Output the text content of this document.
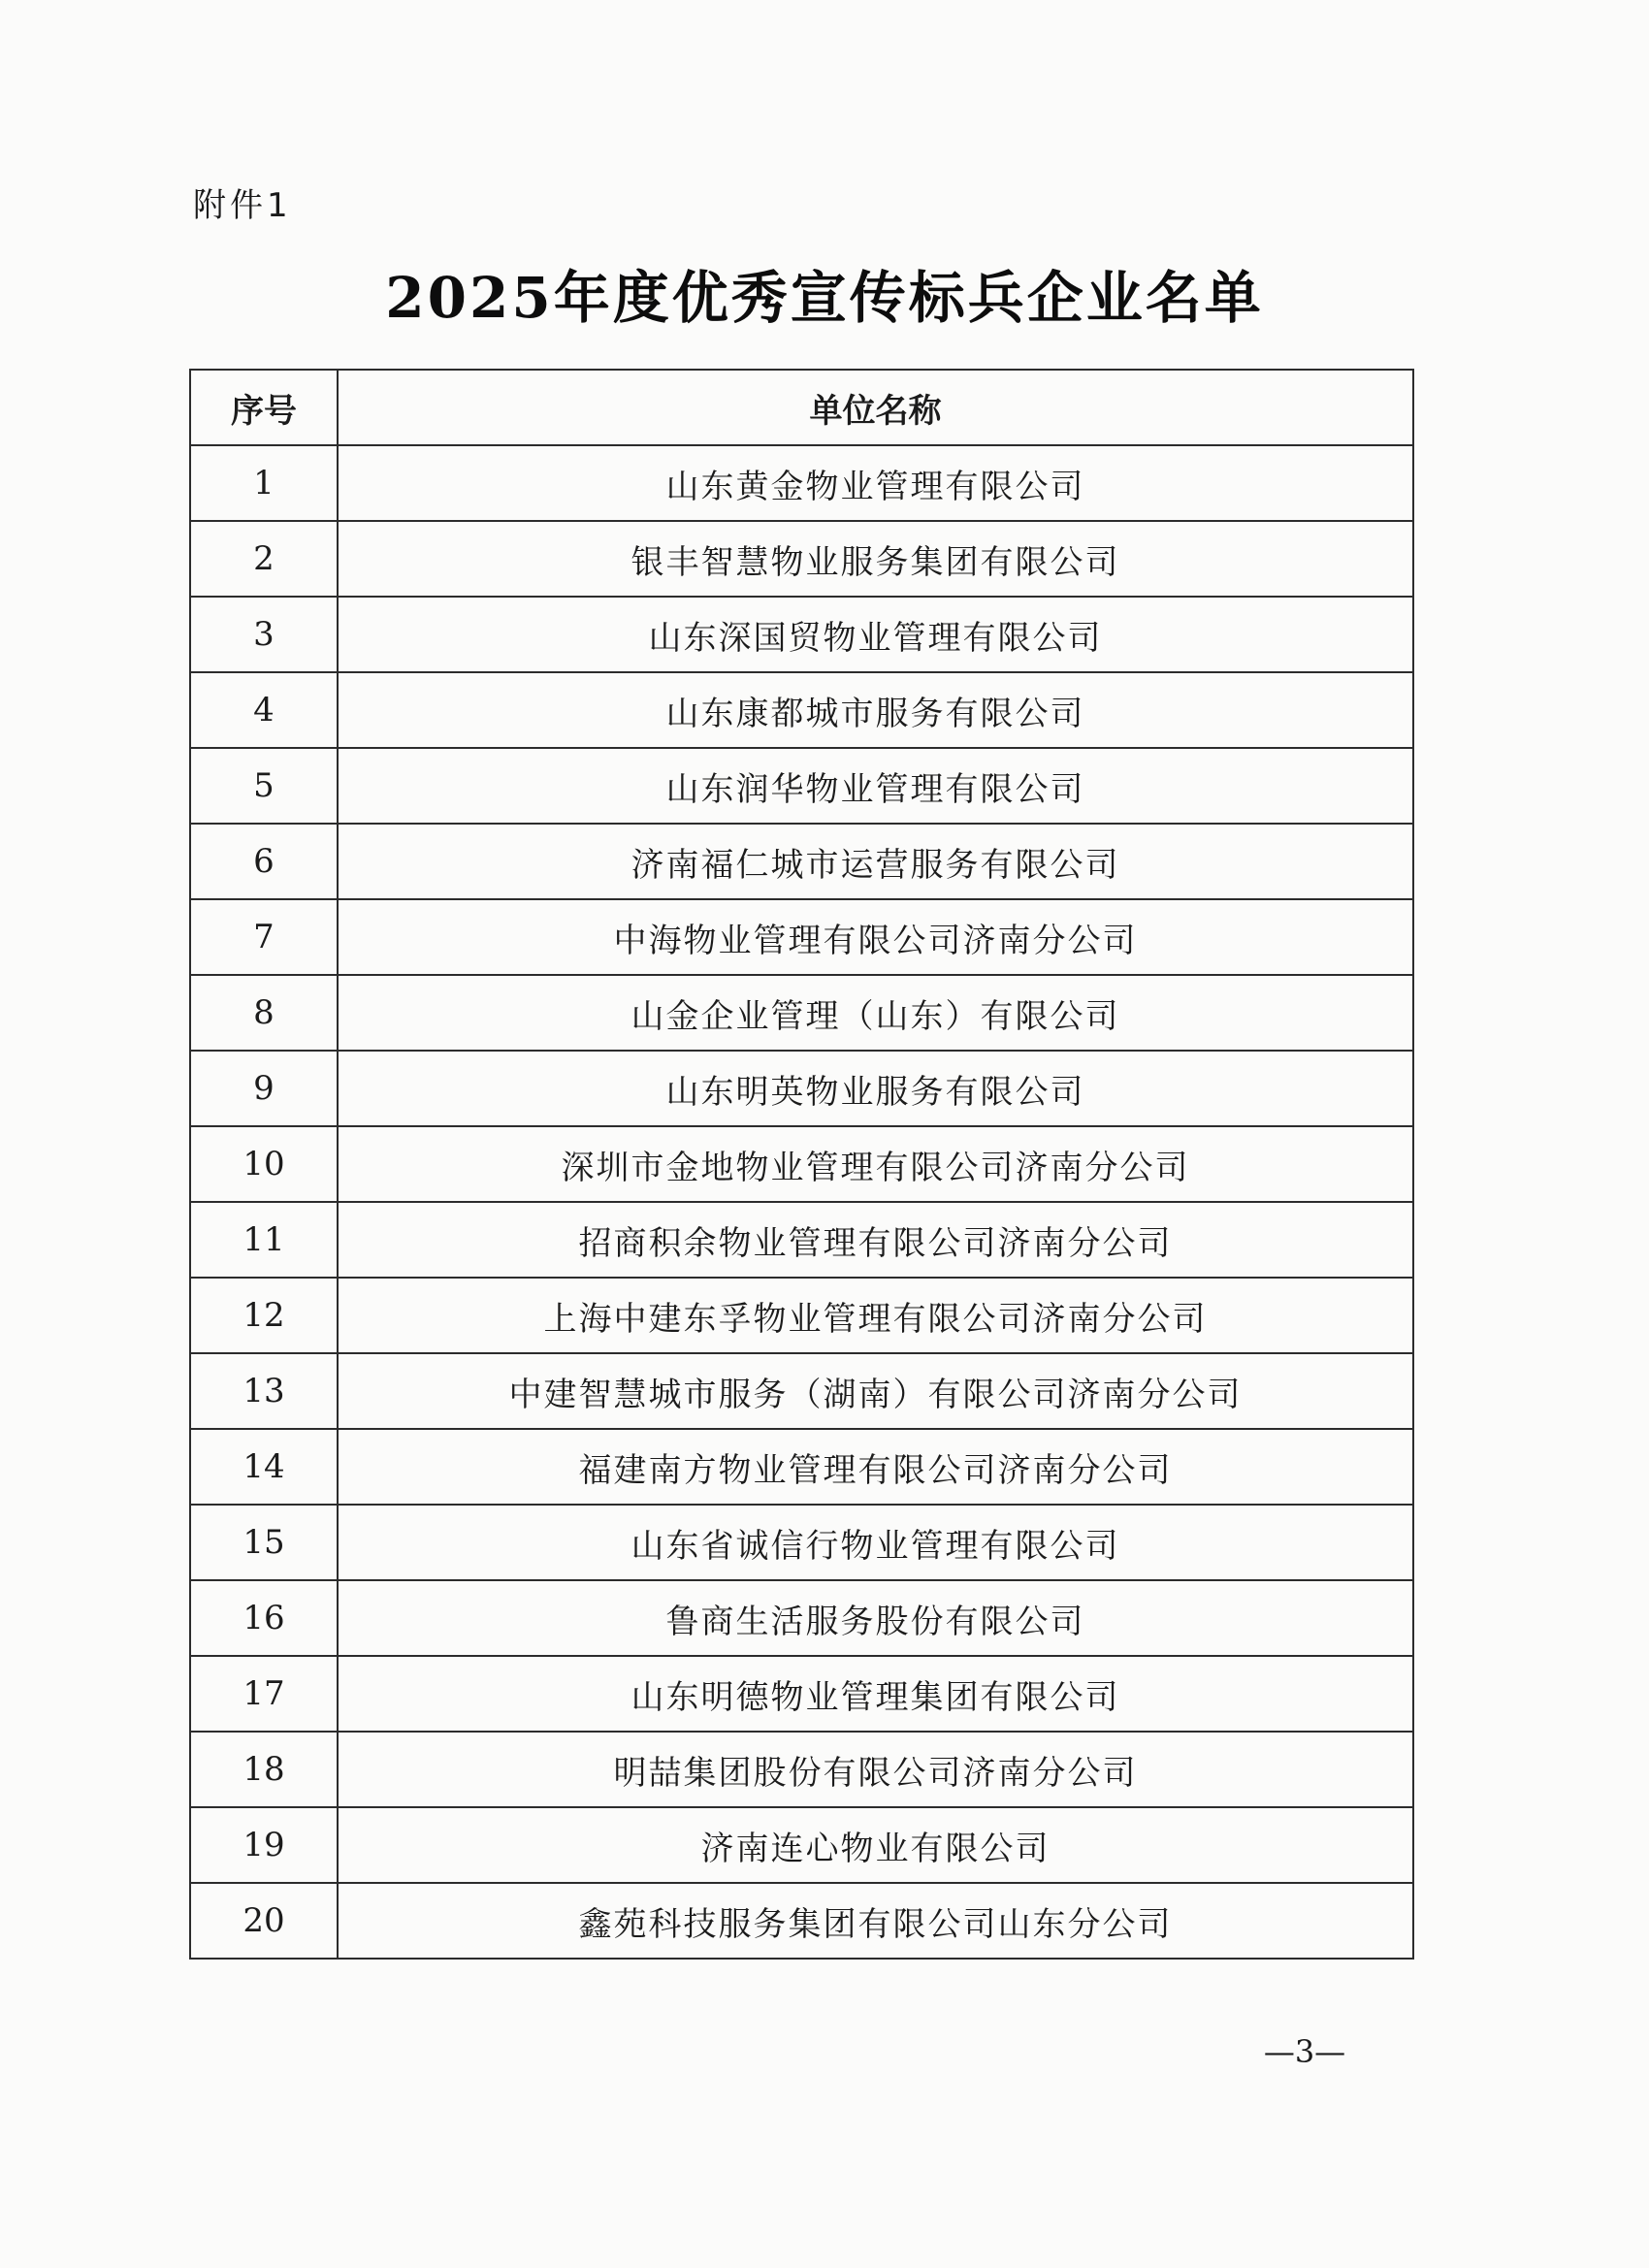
附件1
2025年度优秀宣传标兵企业名单
序号	单位名称
1	山东黄金物业管理有限公司
2	银丰智慧物业服务集团有限公司
3	山东深国贸物业管理有限公司
4	山东康都城市服务有限公司
5	山东润华物业管理有限公司
6	济南福仁城市运营服务有限公司
7	中海物业管理有限公司济南分公司
8	山金企业管理（山东）有限公司
9	山东明英物业服务有限公司
10	深圳市金地物业管理有限公司济南分公司
11	招商积余物业管理有限公司济南分公司
12	上海中建东孚物业管理有限公司济南分公司
13	中建智慧城市服务（湖南）有限公司济南分公司
14	福建南方物业管理有限公司济南分公司
15	山东省诚信行物业管理有限公司
16	鲁商生活服务股份有限公司
17	山东明德物业管理集团有限公司
18	明喆集团股份有限公司济南分公司
19	济南连心物业有限公司
20	鑫苑科技服务集团有限公司山东分公司
—3—
